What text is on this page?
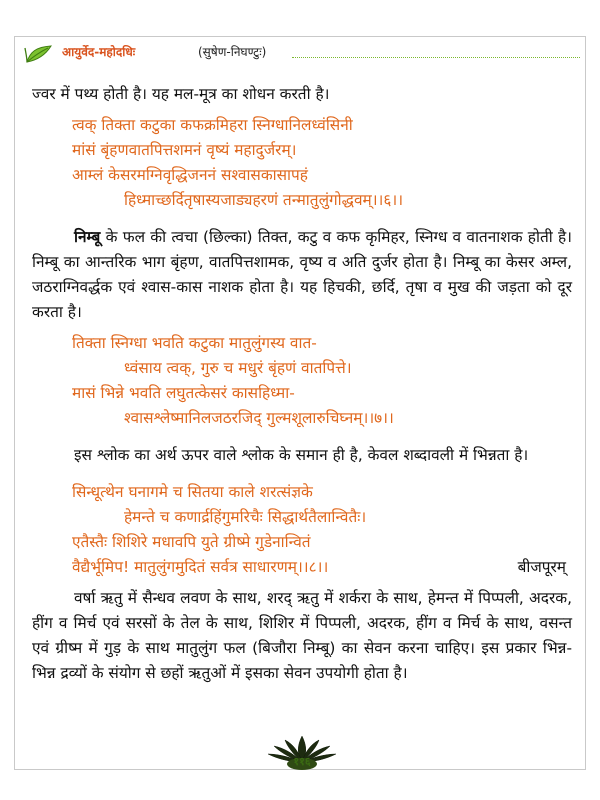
आयुर्वेद-महोदधिः	(सुषेण-निघण्टुः)

ज्वर में पथ्य होती है। यह मल-मूत्र का शोधन करती है।

त्वक् तिक्ता कटुका कफक्रमिहरा स्निग्धानिलध्वंसिनी

मांसं बृंहणवातपित्तशमनं वृष्यं महादुर्जरम्।

आम्लं केसरमग्निवृद्धिजननं सश्वासकासापहं

हिध्माच्छर्दितृषास्यजाड्यहरणं तन्मातुलुंगोद्धवम्।।६।।

निम्बू के फल की त्वचा (छिल्का) तिक्त, कटु व कफ कृमिहर, स्निग्ध व वातनाशक होती है। निम्बू का आन्तरिक भाग बृंहण, वातपित्तशामक, वृष्य व अति दुर्जर होता है। निम्बू का केसर अम्ल, जठराग्निवर्द्धक एवं श्वास-कास नाशक होता है। यह हिचकी, छर्दि, तृषा व मुख की जड़ता को दूर करता है।

तिक्ता स्निग्धा भवति कटुका मातुलुंगस्य वात-

ध्वंसाय त्वक्, गुरु च मधुरं बृंहणं वातपित्ते।

मासं भिन्ने भवति लघुतत्केसरं कासहिध्मा-

श्वासश्लेष्मानिलजठरजिद् गुल्मशूलारुचिघ्नम्।।७।।

इस श्लोक का अर्थ ऊपर वाले श्लोक के समान ही है, केवल शब्दावली में भिन्नता है।

सिन्धूत्थेन घनागमे च सितया काले शरत्संज्ञके

हेमन्ते च कणार्द्रहिंगुमरिचैः सिद्धार्थतैलान्वितैः।

एतैस्तैः शिशिरे मधावपि युते ग्रीष्मे गुडेनान्वितं

वैद्यैर्भूमिप! मातुलुंगमुदितं सर्वत्र साधारणम्।।८।।	बीजपूरम्

वर्षा ऋतु में सैन्धव लवण के साथ, शरद् ऋतु में शर्करा के साथ, हेमन्त में पिप्पली, अदरक, हींग व मिर्च एवं सरसों के तेल के साथ, शिशिर में पिप्पली, अदरक, हींग व मिर्च के साथ, वसन्त एवं ग्रीष्म में गुड़ के साथ मातुलुंग फल (बिजौरा निम्बू) का सेवन करना चाहिए। इस प्रकार भिन्न-भिन्न द्रव्यों के संयोग से छहों ऋतुओं में इसका सेवन उपयोगी होता है।

११६
